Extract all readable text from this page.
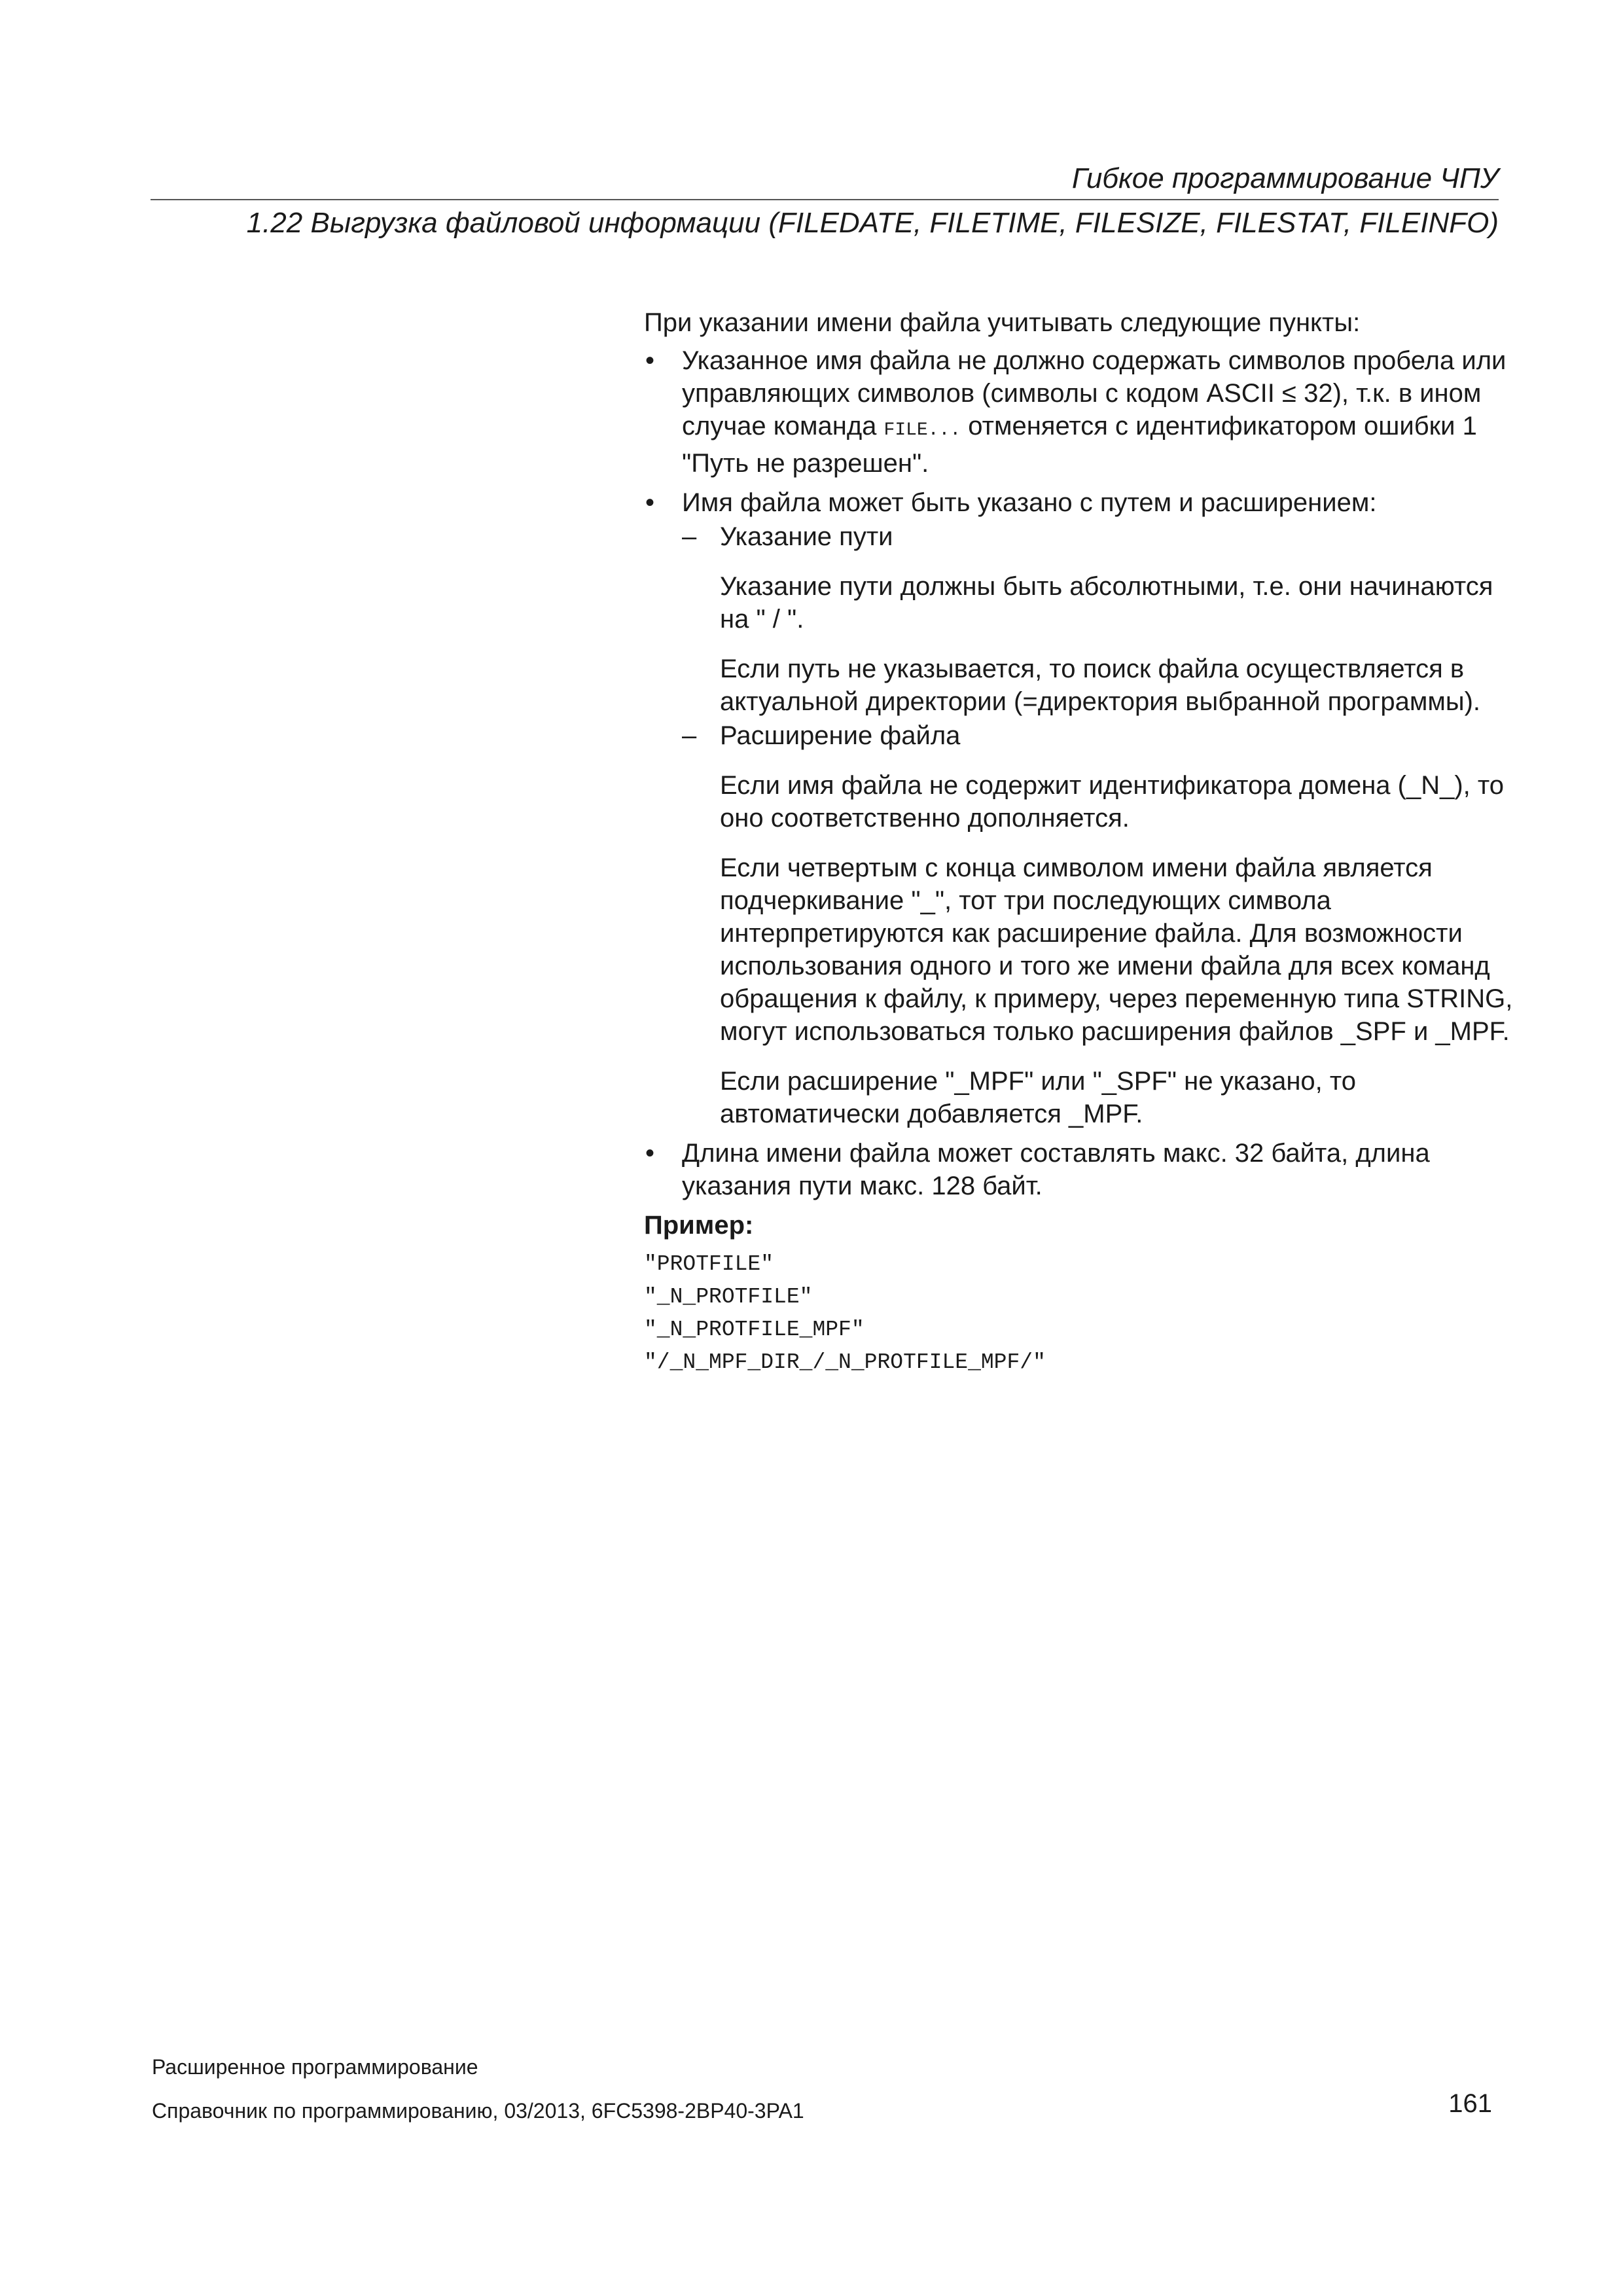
Гибкое программирование ЧПУ
1.22 Выгрузка файловой информации (FILEDATE, FILETIME, FILESIZE, FILESTAT, FILEINFO)

При указании имени файла учитывать следующие пункты:

• Указанное имя файла не должно содержать символов пробела или управляющих символов (символы с кодом ASCII ≤ 32), т.к. в ином случае команда FILE... отменяется с идентификатором ошибки 1 "Путь не разрешен".
• Имя файла может быть указано с путем и расширением:

– Указание пути

Указание пути должны быть абсолютными, т.е. они начинаются на " / ".

Если путь не указывается, то поиск файла осуществляется в актуальной директории (=директория выбранной программы).

– Расширение файла

Если имя файла не содержит идентификатора домена (_N_), то оно соответственно дополняется.

Если четвертым с конца символом имени файла является подчеркивание "_", тот три последующих символа интерпретируются как расширение файла. Для возможности использования одного и того же имени файла для всех команд обращения к файлу, к примеру, через переменную типа STRING, могут использоваться только расширения файлов _SPF и _MPF.

Если расширение "_MPF" или "_SPF" не указано, то автоматически добавляется _MPF.

• Длина имени файла может составлять макс. 32 байта, длина указания пути макс. 128 байт.

Пример:

"PROTFILE"
"_N_PROTFILE"
"_N_PROTFILE_MPF"
"/_N_MPF_DIR_/_N_PROTFILE_MPF/"
Расширенное программирование
Справочник по программированию, 03/2013, 6FC5398-2BP40-3PA1	161
